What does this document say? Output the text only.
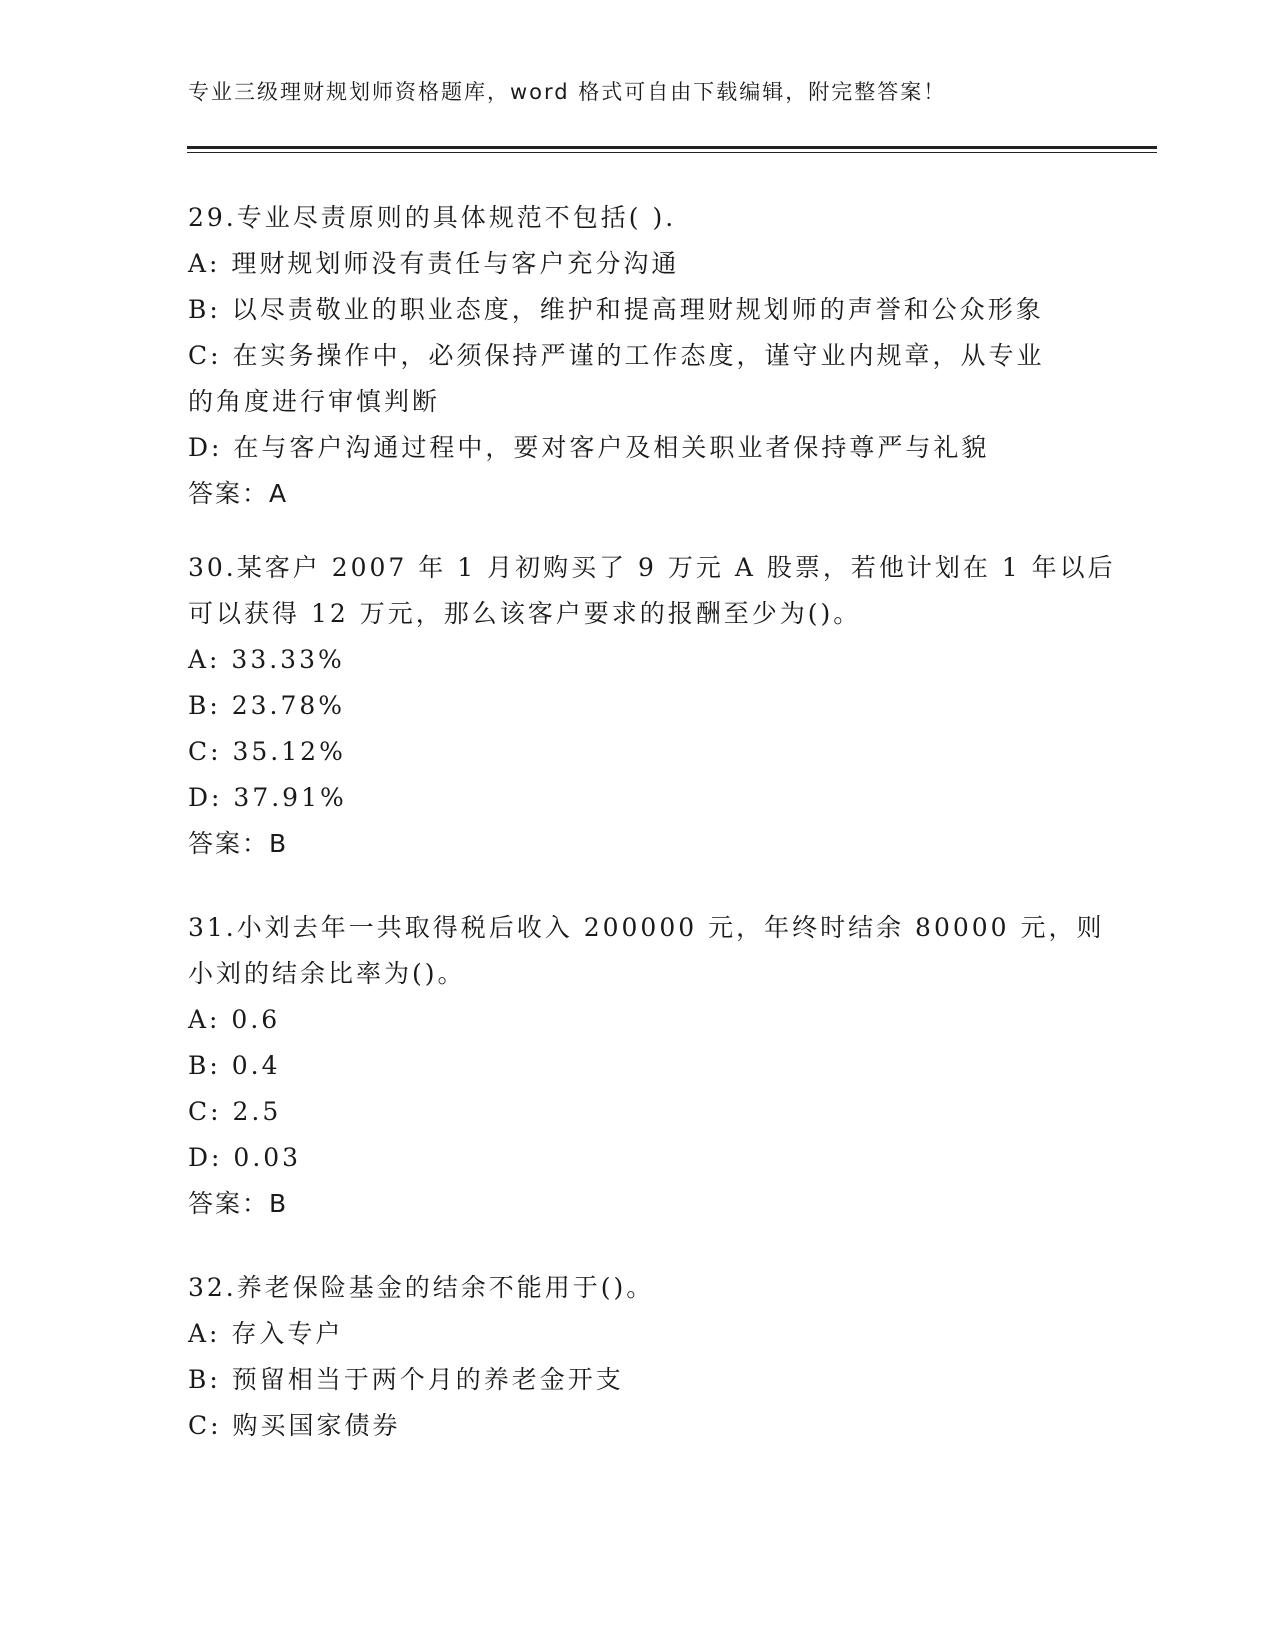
专业三级理财规划师资格题库，word 格式可自由下载编辑，附完整答案！
29.专业尽责原则的具体规范不包括( ).
A: 理财规划师没有责任与客户充分沟通
B: 以尽责敬业的职业态度，维护和提高理财规划师的声誉和公众形象
C: 在实务操作中，必须保持严谨的工作态度，谨守业内规章，从专业
的角度进行审慎判断
D: 在与客户沟通过程中，要对客户及相关职业者保持尊严与礼貌
答案：A
30.某客户 2007 年 1 月初购买了 9 万元 A 股票，若他计划在 1 年以后
可以获得 12 万元，那么该客户要求的报酬至少为()。
A: 33.33%
B: 23.78%
C: 35.12%
D: 37.91%
答案：B
31.小刘去年一共取得税后收入 200000 元，年终时结余 80000 元，则
小刘的结余比率为()。
A: 0.6
B: 0.4
C: 2.5
D: 0.03
答案：B
32.养老保险基金的结余不能用于()。
A: 存入专户
B: 预留相当于两个月的养老金开支
C: 购买国家债券
